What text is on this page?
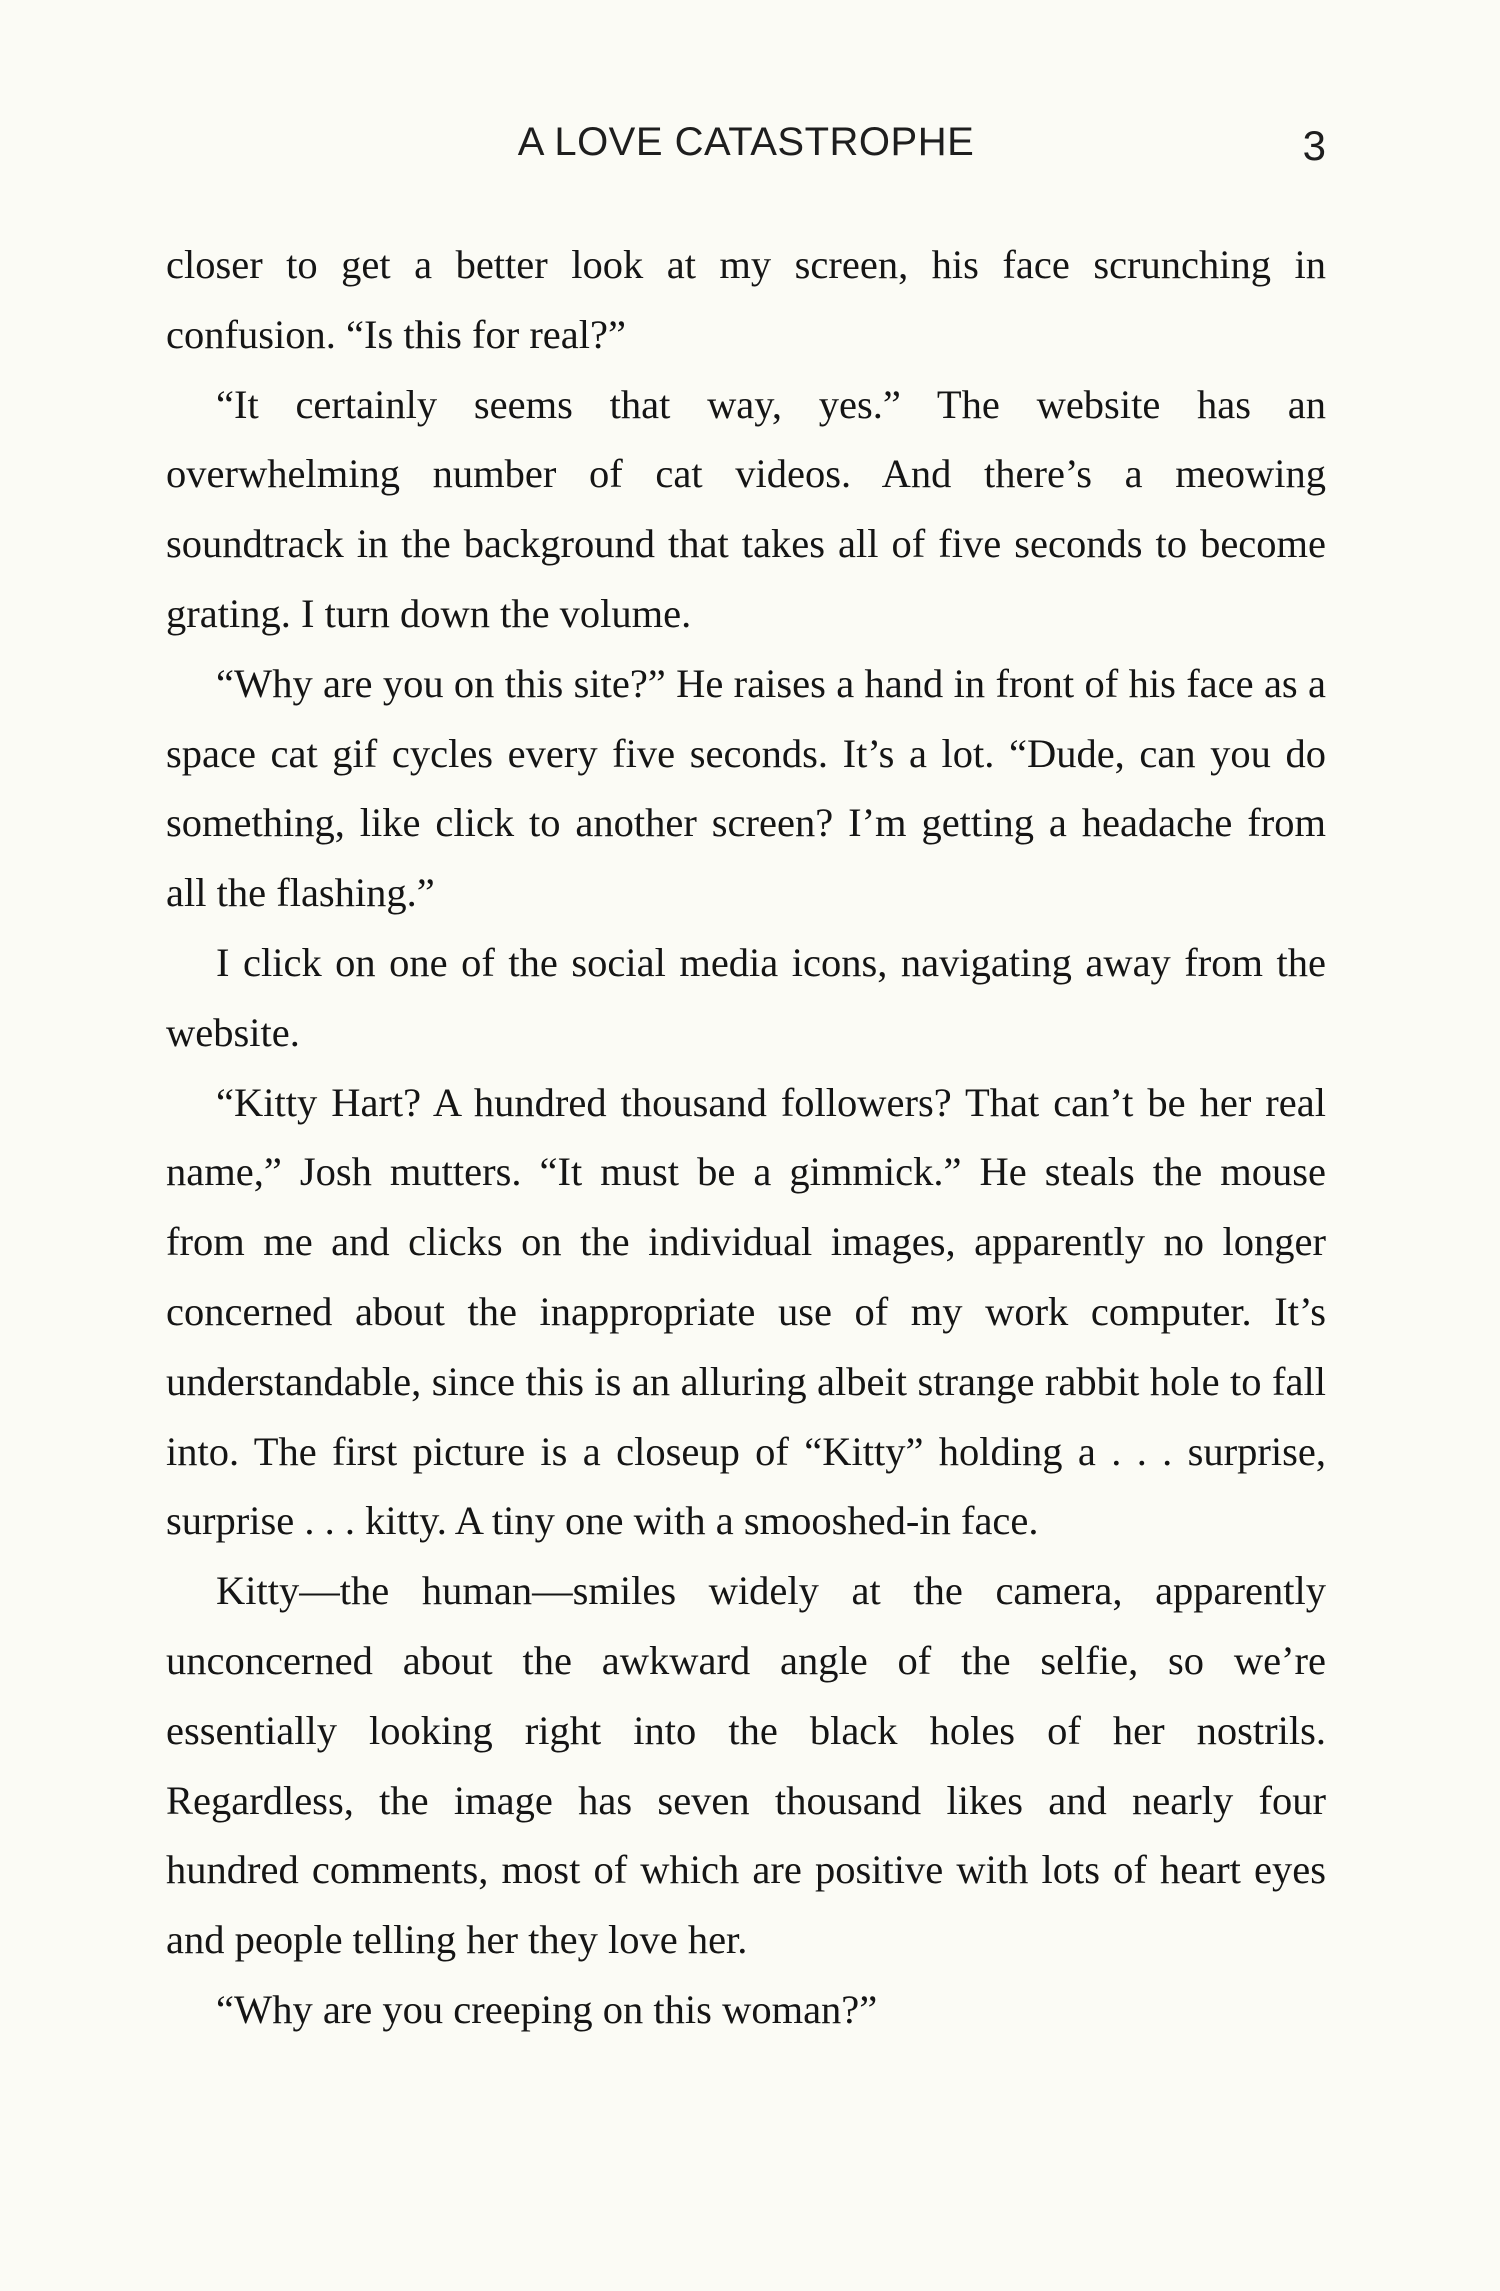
A LOVE CATASTROPHE	3

closer to get a better look at my screen, his face scrunching in confusion. “Is this for real?”

“It certainly seems that way, yes.” The website has an overwhelming number of cat videos. And there’s a meowing soundtrack in the background that takes all of five seconds to become grating. I turn down the volume.

“Why are you on this site?” He raises a hand in front of his face as a space cat gif cycles every five seconds. It’s a lot. “Dude, can you do something, like click to another screen? I’m getting a headache from all the flashing.”

I click on one of the social media icons, navigating away from the website.

“Kitty Hart? A hundred thousand followers? That can’t be her real name,” Josh mutters. “It must be a gimmick.” He steals the mouse from me and clicks on the individual images, apparently no longer concerned about the inappropriate use of my work computer. It’s understandable, since this is an alluring albeit strange rabbit hole to fall into. The first picture is a closeup of “Kitty” holding a . . . surprise, surprise . . . kitty. A tiny one with a smooshed-in face.

Kitty—the human—smiles widely at the camera, apparently unconcerned about the awkward angle of the selfie, so we’re essentially looking right into the black holes of her nostrils. Regardless, the image has seven thousand likes and nearly four hundred comments, most of which are positive with lots of heart eyes and people telling her they love her.

“Why are you creeping on this woman?”
